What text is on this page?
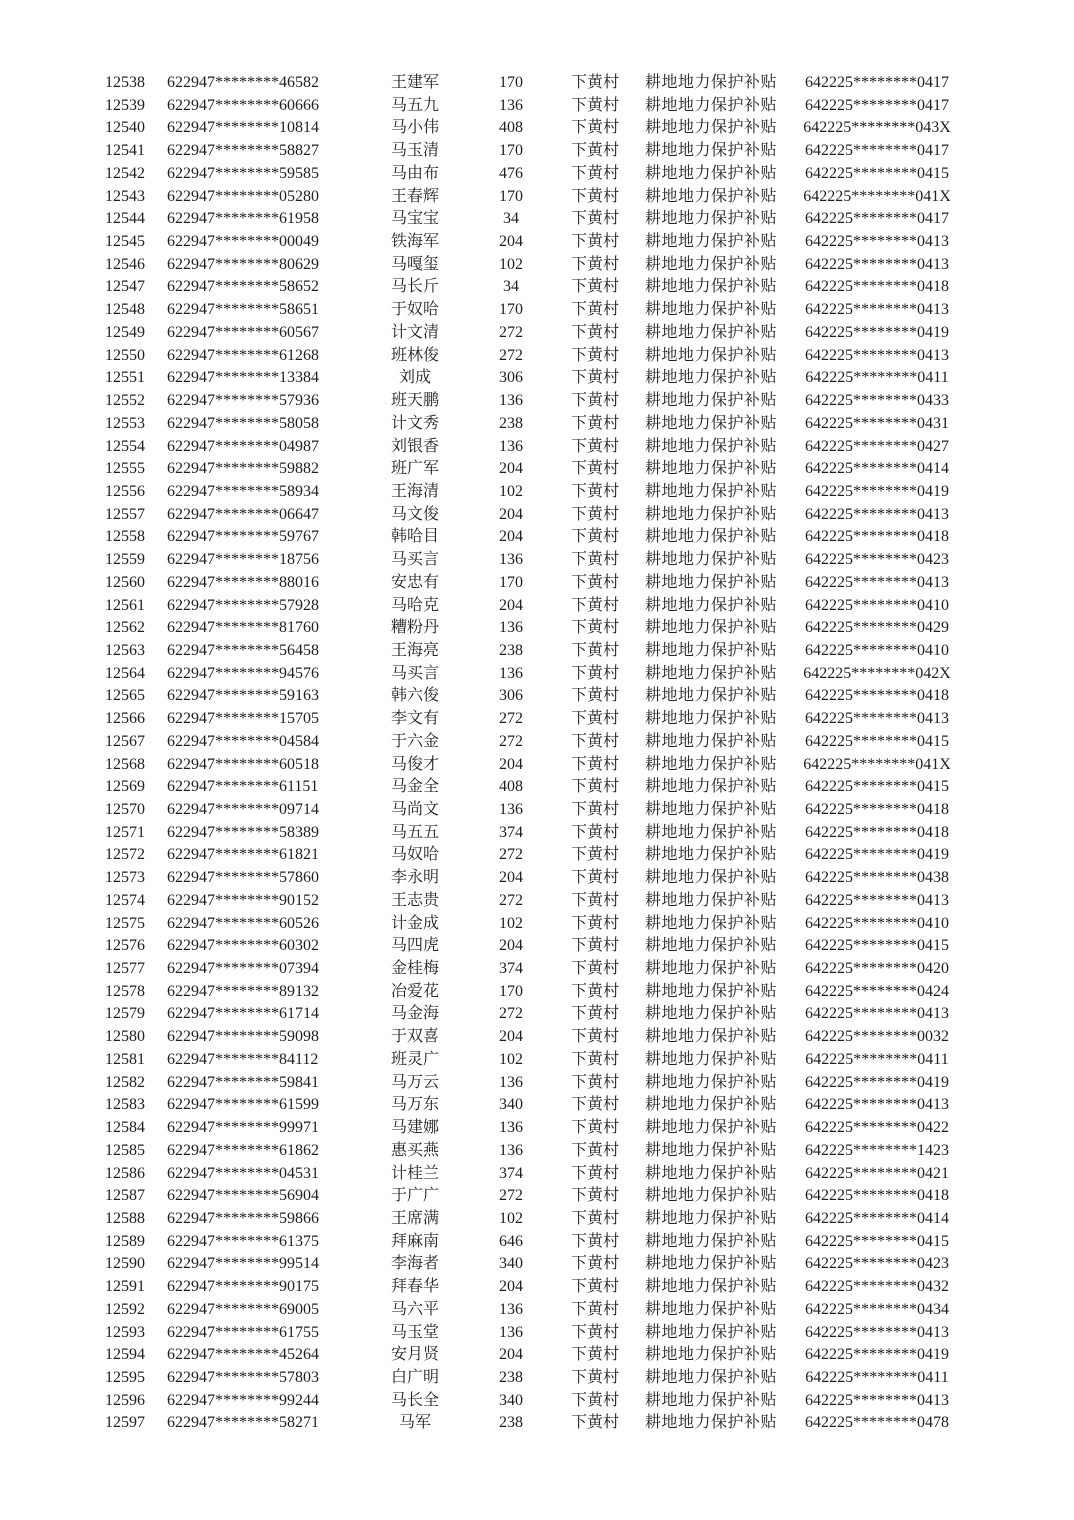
12538	622947********46582	王建军	170	下黄村	耕地地力保护补贴	642225********0417
12539	622947********60666	马五九	136	下黄村	耕地地力保护补贴	642225********0417
12540	622947********10814	马小伟	408	下黄村	耕地地力保护补贴	642225********043X
12541	622947********58827	马玉清	170	下黄村	耕地地力保护补贴	642225********0417
12542	622947********59585	马由布	476	下黄村	耕地地力保护补贴	642225********0415
12543	622947********05280	王春辉	170	下黄村	耕地地力保护补贴	642225********041X
12544	622947********61958	马宝宝	34	下黄村	耕地地力保护补贴	642225********0417
12545	622947********00049	铁海军	204	下黄村	耕地地力保护补贴	642225********0413
12546	622947********80629	马嘎玺	102	下黄村	耕地地力保护补贴	642225********0413
12547	622947********58652	马长斤	34	下黄村	耕地地力保护补贴	642225********0418
12548	622947********58651	于奴哈	170	下黄村	耕地地力保护补贴	642225********0413
12549	622947********60567	计文清	272	下黄村	耕地地力保护补贴	642225********0419
12550	622947********61268	班林俊	272	下黄村	耕地地力保护补贴	642225********0413
12551	622947********13384	刘成	306	下黄村	耕地地力保护补贴	642225********0411
12552	622947********57936	班天鹏	136	下黄村	耕地地力保护补贴	642225********0433
12553	622947********58058	计文秀	238	下黄村	耕地地力保护补贴	642225********0431
12554	622947********04987	刘银香	136	下黄村	耕地地力保护补贴	642225********0427
12555	622947********59882	班广军	204	下黄村	耕地地力保护补贴	642225********0414
12556	622947********58934	王海清	102	下黄村	耕地地力保护补贴	642225********0419
12557	622947********06647	马文俊	204	下黄村	耕地地力保护补贴	642225********0413
12558	622947********59767	韩哈目	204	下黄村	耕地地力保护补贴	642225********0418
12559	622947********18756	马买言	136	下黄村	耕地地力保护补贴	642225********0423
12560	622947********88016	安忠有	170	下黄村	耕地地力保护补贴	642225********0413
12561	622947********57928	马哈克	204	下黄村	耕地地力保护补贴	642225********0410
12562	622947********81760	糟粉丹	136	下黄村	耕地地力保护补贴	642225********0429
12563	622947********56458	王海亮	238	下黄村	耕地地力保护补贴	642225********0410
12564	622947********94576	马买言	136	下黄村	耕地地力保护补贴	642225********042X
12565	622947********59163	韩六俊	306	下黄村	耕地地力保护补贴	642225********0418
12566	622947********15705	李文有	272	下黄村	耕地地力保护补贴	642225********0413
12567	622947********04584	于六金	272	下黄村	耕地地力保护补贴	642225********0415
12568	622947********60518	马俊才	204	下黄村	耕地地力保护补贴	642225********041X
12569	622947********61151	马金全	408	下黄村	耕地地力保护补贴	642225********0415
12570	622947********09714	马尚文	136	下黄村	耕地地力保护补贴	642225********0418
12571	622947********58389	马五五	374	下黄村	耕地地力保护补贴	642225********0418
12572	622947********61821	马奴哈	272	下黄村	耕地地力保护补贴	642225********0419
12573	622947********57860	李永明	204	下黄村	耕地地力保护补贴	642225********0438
12574	622947********90152	王志贵	272	下黄村	耕地地力保护补贴	642225********0413
12575	622947********60526	计金成	102	下黄村	耕地地力保护补贴	642225********0410
12576	622947********60302	马四虎	204	下黄村	耕地地力保护补贴	642225********0415
12577	622947********07394	金桂梅	374	下黄村	耕地地力保护补贴	642225********0420
12578	622947********89132	冶爱花	170	下黄村	耕地地力保护补贴	642225********0424
12579	622947********61714	马金海	272	下黄村	耕地地力保护补贴	642225********0413
12580	622947********59098	于双喜	204	下黄村	耕地地力保护补贴	642225********0032
12581	622947********84112	班灵广	102	下黄村	耕地地力保护补贴	642225********0411
12582	622947********59841	马万云	136	下黄村	耕地地力保护补贴	642225********0419
12583	622947********61599	马万东	340	下黄村	耕地地力保护补贴	642225********0413
12584	622947********99971	马建娜	136	下黄村	耕地地力保护补贴	642225********0422
12585	622947********61862	惠买燕	136	下黄村	耕地地力保护补贴	642225********1423
12586	622947********04531	计桂兰	374	下黄村	耕地地力保护补贴	642225********0421
12587	622947********56904	于广广	272	下黄村	耕地地力保护补贴	642225********0418
12588	622947********59866	王席满	102	下黄村	耕地地力保护补贴	642225********0414
12589	622947********61375	拜麻南	646	下黄村	耕地地力保护补贴	642225********0415
12590	622947********99514	李海者	340	下黄村	耕地地力保护补贴	642225********0423
12591	622947********90175	拜春华	204	下黄村	耕地地力保护补贴	642225********0432
12592	622947********69005	马六平	136	下黄村	耕地地力保护补贴	642225********0434
12593	622947********61755	马玉堂	136	下黄村	耕地地力保护补贴	642225********0413
12594	622947********45264	安月贤	204	下黄村	耕地地力保护补贴	642225********0419
12595	622947********57803	白广明	238	下黄村	耕地地力保护补贴	642225********0411
12596	622947********99244	马长全	340	下黄村	耕地地力保护补贴	642225********0413
12597	622947********58271	马军	238	下黄村	耕地地力保护补贴	642225********0478
